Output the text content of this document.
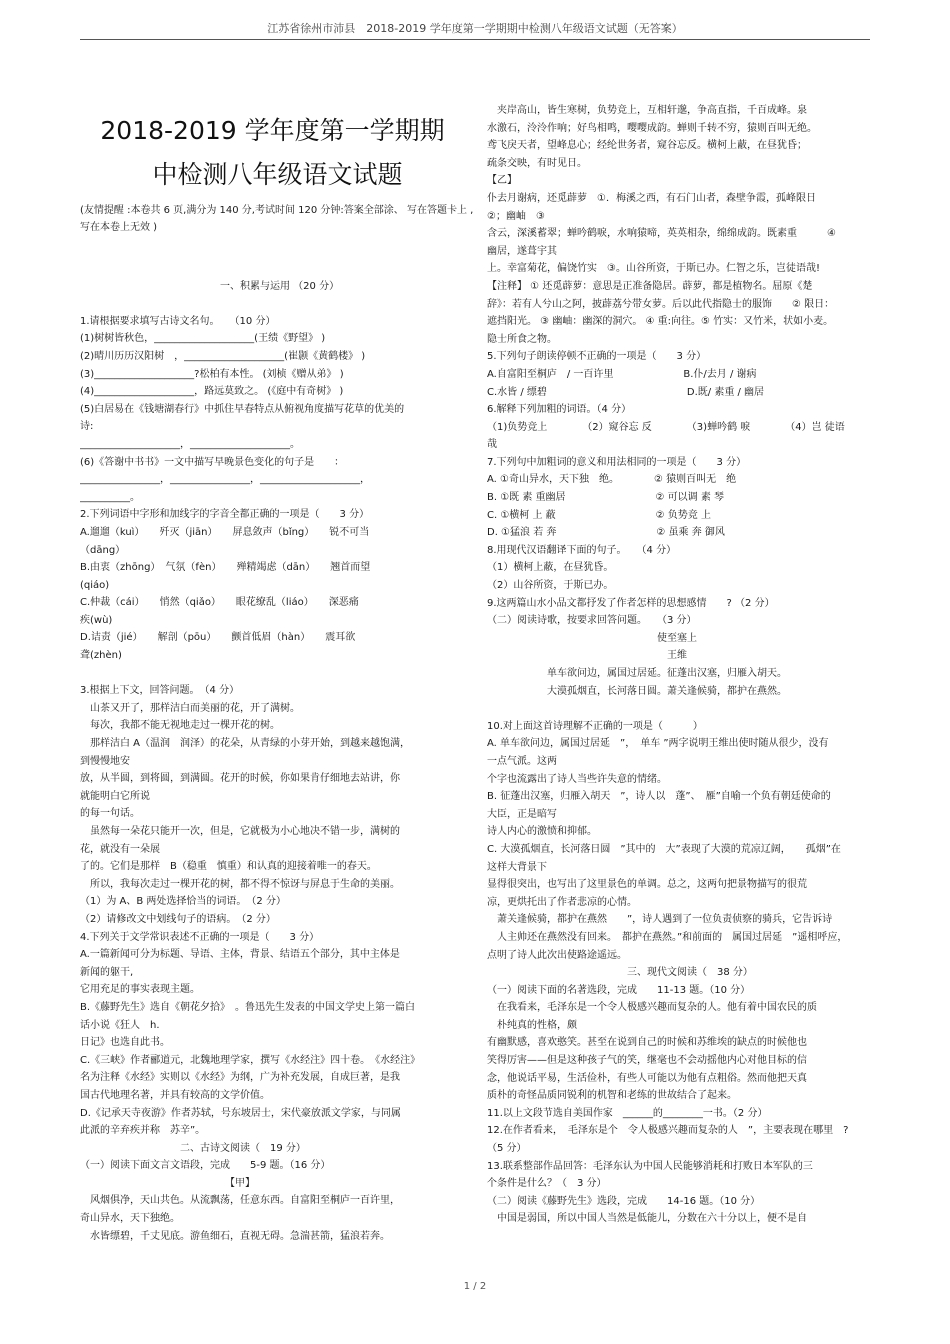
江苏省徐州市沛县　2018-2019 学年度第一学期期中检测八年级语文试题（无答案）

2018-2019 学年度第一学期期

中检测八年级语文试题

(友情提醒 :本卷共 6 页,满分为 140 分,考试时间 120 分钟:答案全部涂、 写在答题卡上 ,写在本卷上无效 )

　　　　　　　　　　　　　　一、积累与运用 （20 分）

1.请根据要求填写古诗文名句。　　（10 分）

(1)树树皆秋色，____________________(王绩《野望》 )

(2)晴川历历汉阳树　，____________________(崔颢《黄鹤楼》 )

(3)____________________?松柏有本性。 (刘桢《赠从弟》 )

(4)____________________，路远莫致之。 (《庭中有奇树》 )

(5)白居易在《钱塘湖春行》中抓住早春特点从俯视角度描写花草的优美的

诗:

____________________，____________________。

(6)《答谢中书书》一文中描写早晚景色变化的句子是　　：

________________，________________，____________________，

__________。

2.下列词语中字形和加线字的字音全都正确的一项是（　　3 分）

A.遛遛（kuì）　　歼灭（jiān）　　屏息敛声（bǐng）　　锐不可当

（dāng）

B.由衷（zhōng）　气氛（fèn）　　殚精竭虑（dān）　　翘首而望

(qiáo)

C.仲裁（cái）　　悄然（qiǎo）　　眼花缭乱（liáo）　　深恶痛

疾(wù)

D.诘责（jié）　　解剖（pōu）　　颤首低眉（hàn）　　震耳欲

聋(zhèn)

3.根据上下文，回答问题。　（4 分）

　山茶又开了，那样洁白而美丽的花，开了满树。

　每次，我都不能无视地走过一棵开花的树。

　那样洁白 A（温润　润泽）的花朵，从青绿的小芽开始，到越来越饱满，

到慢慢地安

放，从半圆，到将圆，到满圆。花开的时候，你如果肯仔细地去站讲，你

就能明白它所说

的每一句话。

　虽然每一朵花只能开一次，但是，它就极为小心地决不错一步，满树的

花，就没有一朵展

了的。它们是那样　B（稳重　慎重）和认真的迎接着唯一的春天。

　所以，我每次走过一棵开花的树，都不得不惊讶与屏息于生命的美丽。

（1）为 A、B 两处选择恰当的词语。　（2 分）

（2）请修改文中划线句子的语病。　（2 分）

4.下列关于文学常识表述不正确的一项是（　　3 分）

A.一篇新闻可分为标题、导语、主体，背景、结语五个部分，其中主体是

新闻的躯干,

它用充足的事实表现主题。

B.《藤野先生》选自《朝花夕拾》　。鲁迅先生发表的中国文学史上第一篇白

话小说《狂人　h.

日记》也选自此书。

C.《三峡》作者郦道元，北魏地理学家，撰写《水经注》四十卷。　《水经注》

名为注释《水经》实则以《水经》为纲，广为补充发展，自成巨著，是我

国古代地理名著，并具有较高的文学价值。

D.《记承天寺夜游》作者苏轼，号东坡居士，宋代豪放派文学家，与同属

此派的辛弃疾并称　苏辛”。

　　　　　　　　　　二、古诗文阅读（　19 分）

（一）阅读下面文言文语段，完成　　5-9 题。（16 分）

　　　　　　　　　　　　　　　【甲】

　风烟俱净，天山共色。从流飘荡，任意东西。自富阳至桐庐一百许里，

奇山异水，天下独绝。

　水皆缥碧，千丈见底。游鱼细石，直视无碍。急湍甚箭，猛浪若奔。

　夹岸高山，皆生寒树，负势竞上，互相轩邈，争高直指，千百成峰。泉

水激石，泠泠作响；好鸟相鸣，嘤嘤成韵。蝉则千转不穷，猿则百叫无绝。

鸢飞戾天者，望峰息心；经纶世务者，窥谷忘反。横柯上蔽，在昼犹昏；

疏条交映，有时见日。

【乙】

仆去月谢病，还觅薜萝　①．梅溪之西，有石门山者，森壁争霞，孤峰限日

②；幽岫　③

含云，深溪蓄翠；蝉吟鹤唳，水响猿啼，英英相杂，绵绵成韵。既素重　　　④

幽居，遂葺宇其

上。幸富菊花，偏饶竹实　③。山谷所资，于斯已办。仁智之乐，岂徒语哉!

【注释】 ① 还觅薜萝：意思是正准备隐居。薜萝，都是植物名。屈原《楚

辞》：若有人兮山之阿，披薜荔兮带女萝。后以此代指隐士的服饰　　② 限日：

遮挡阳光。 ③ 幽岫：幽深的洞穴。 ④ 重:向往。⑤ 竹实：又竹米，状如小麦。

隐士所食之物。

5.下列句子朗读停顿不正确的一项是（　　3 分）

A.自富阳至桐庐　/ 一百许里　　　　　　　B.仆/去月 / 谢病

C.水皆 / 缥碧　　　　　　　　　　　　　　D.既/ 素重 / 幽居

6.解释下列加粗的词语。（4 分）

（1)负势竞上　　　　（2）窥谷忘 反　　　　（3)蝉吟鹤 唳　　　　（4）岂 徒语

哉

7.下列句中加粗词的意义和用法相同的一项是（　　3 分）

A. ①奇山异水，天下独　绝。　　　　② 猿则百叫无　绝

B. ①既 素 重幽居　　　　　　　　　② 可以调 素 琴

C. ①横柯 上 蔽　　　　　　　　　　② 负势竞 上

D. ①猛浪 若 奔　　　　　　　　　　② 虽乘 奔 御风

8.用现代汉语翻译下面的句子。　　（4 分）

（1）横柯上蔽，在昼犹昏。

（2）山谷所资，于斯已办。

9.这两篇山水小品文都抒发了作者怎样的思想感情　　? （2 分）

（二）阅读诗歌，按要求回答问题。　　（3 分）

　　　　　　　　　　　　　　　　　使至塞上

　　　　　　　　　　　　　　　　　　王维

　　　　　　单车欲问边，属国过居延。征蓬出汉塞，归雁入胡天。

　　　　　　大漠孤烟直，长河落日圆。萧关逢候骑，都护在燕然。

10.对上面这首诗理解不正确的一项是（　　　）

A. 单车欲问边，属国过居延　”，　单车 ”两字说明王维出使时随从很少，没有

一点气派。这两

个字也流露出了诗人当些许失意的情绪。

B. 征蓬出汉塞，归雁入胡天　”，诗人以　蓬”、　雁”自喻一个负有朝廷使命的

大臣，正是暗写

诗人内心的激愤和抑郁。

C. 大漠孤烟直，长河落日圆　”其中的　大”表现了大漠的荒凉辽阔，　　孤烟”在

这样大背景下

显得很突出，也写出了这里景色的单调。总之，这两句把景物描写的很荒

凉，更烘托出了作者悲凉的心情。

　萧关逢候骑，都护在燕然　　”，诗人遇到了一位负责侦察的骑兵，它告诉诗

　人主帅还在燕然没有回来。　都护在燕然。”和前面的　属国过居延　”遥相呼应，

点明了诗人此次出使路途遥远。

　　　　　　　　　　　　　　三、现代文阅读（　38 分）

（一）阅读下面的名著选段，完成　　11-13 题。（10 分）

　在我看来，毛泽东是一个令人极感兴趣而复杂的人。他有着中国农民的质

　朴纯真的性格，颇

有幽默感，喜欢憨笑。甚至在说到自己的时候和苏维埃的缺点的时候他也

笑得厉害——但是这种孩子气的笑，继毫也不会动摇他内心对他目标的信

念，他说话平易，生活俭朴，有些人可能以为他有点粗俗。然而他把天真

质朴的奇怪品质同锐利的机智和老练的世故结合了起来。

11.以上文段节选自美国作家　______的________一书。（2 分）

12.在作者看来，　毛泽东是个　令人极感兴趣而复杂的人　”，主要表现在哪里　?

（5 分）

13.联系整部作品回答：毛泽东认为中国人民能够消耗和打败日本军队的三

个条件是什么？（　3 分）

（二）阅读《藤野先生》选段，完成　　14-16 题。（10 分）

　中国是弱国，所以中国人当然是低能儿，分数在六十分以上，便不是自

1 / 2
